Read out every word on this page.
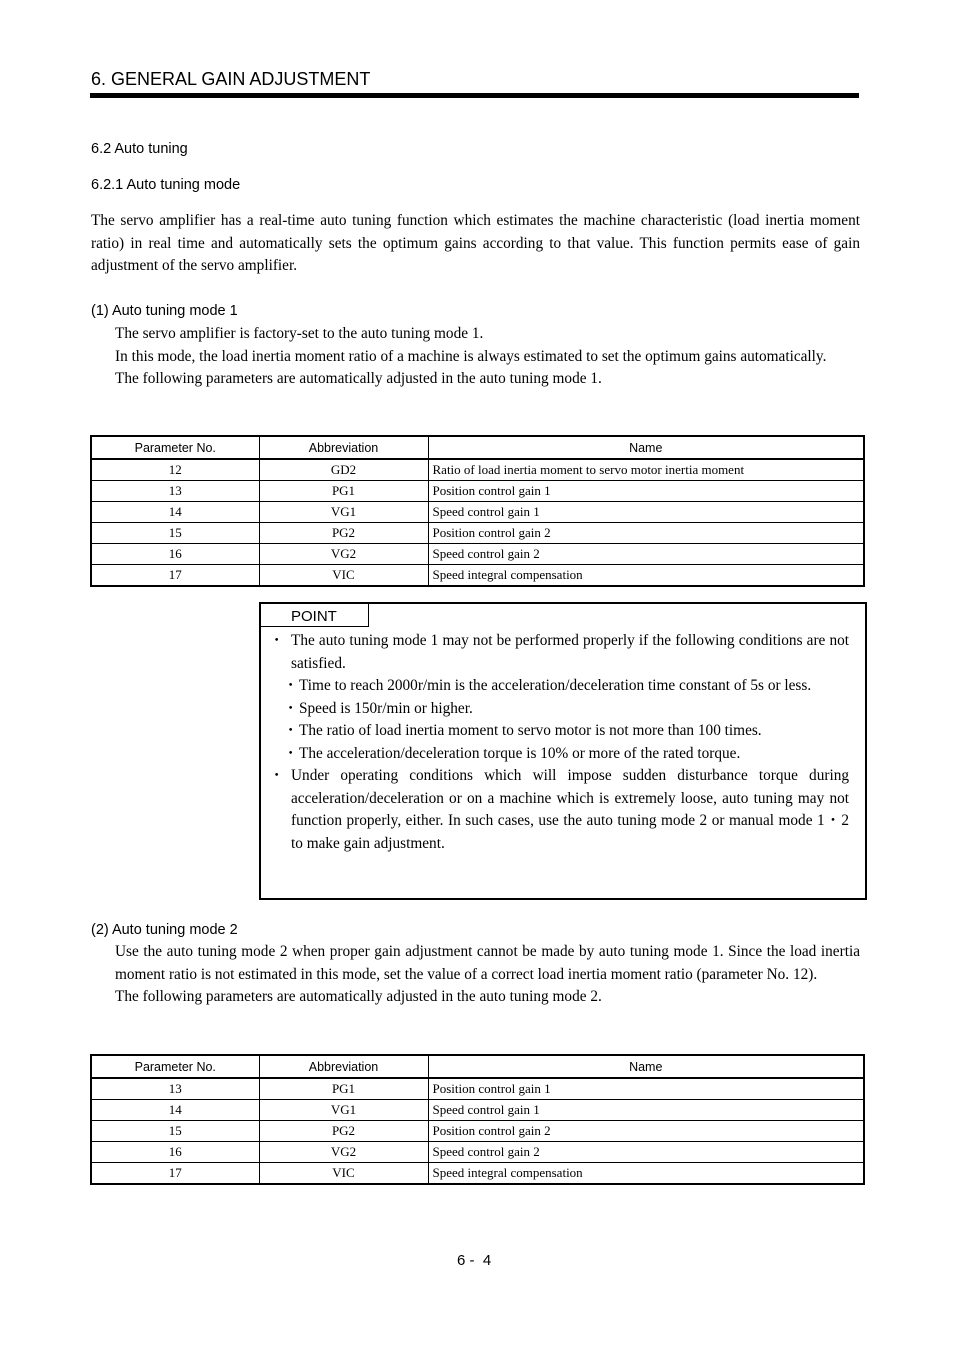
6. GENERAL GAIN ADJUSTMENT
6.2 Auto tuning
6.2.1 Auto tuning mode
The servo amplifier has a real-time auto tuning function which estimates the machine characteristic (load inertia moment ratio) in real time and automatically sets the optimum gains according to that value. This function permits ease of gain adjustment of the servo amplifier.
(1) Auto tuning mode 1

The servo amplifier is factory-set to the auto tuning mode 1.

In this mode, the load inertia moment ratio of a machine is always estimated to set the optimum gains automatically.

The following parameters are automatically adjusted in the auto tuning mode 1.

Parameter No.	Abbreviation	Name
12	GD2	Ratio of load inertia moment to servo motor inertia moment
13	PG1	Position control gain 1
14	VG1	Speed control gain 1
15	PG2	Position control gain 2
16	VG2	Speed control gain 2
17	VIC	Speed integral compensation
POINT
・ The auto tuning mode 1 may not be performed properly if the following conditions are not satisfied.
・ Time to reach 2000r/min is the acceleration/deceleration time constant of 5s or less.
・ Speed is 150r/min or higher.
・ The ratio of load inertia moment to servo motor is not more than 100 times.
・ The acceleration/deceleration torque is 10% or more of the rated torque.
・ Under operating conditions which will impose sudden disturbance torque during acceleration/deceleration or on a machine which is extremely loose, auto tuning may not function properly, either. In such cases, use the auto tuning mode 2 or manual mode 1・2 to make gain adjustment.
(2) Auto tuning mode 2

Use the auto tuning mode 2 when proper gain adjustment cannot be made by auto tuning mode 1. Since the load inertia moment ratio is not estimated in this mode, set the value of a correct load inertia moment ratio (parameter No. 12).

The following parameters are automatically adjusted in the auto tuning mode 2.

Parameter No.	Abbreviation	Name
13	PG1	Position control gain 1
14	VG1	Speed control gain 1
15	PG2	Position control gain 2
16	VG2	Speed control gain 2
17	VIC	Speed integral compensation
6 -  4
